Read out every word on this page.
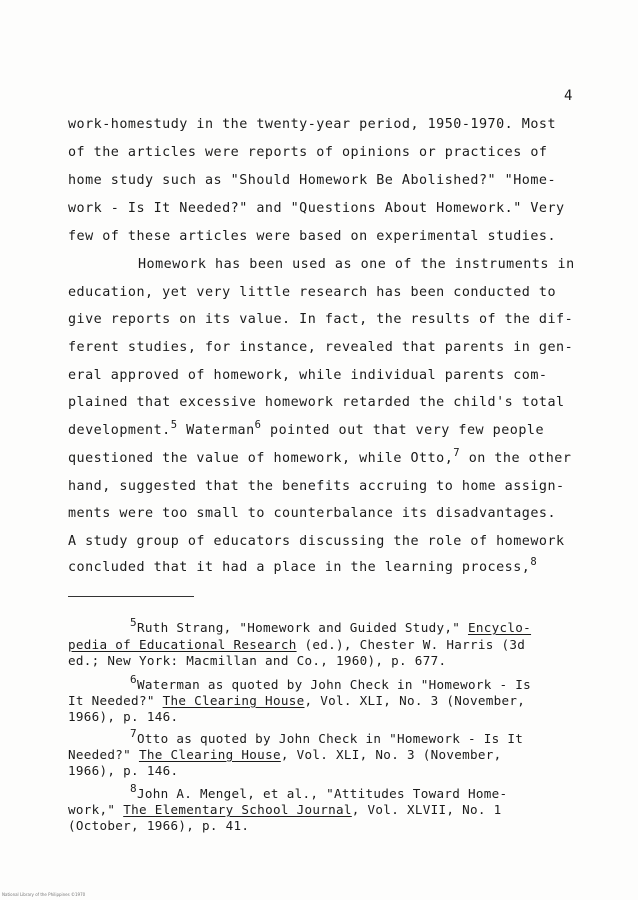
4
work-homestudy in the twenty-year period, 1950-1970. Most
of the articles were reports of opinions or practices of
home study such as "Should Homework Be Abolished?" "Home-
work - Is It Needed?" and "Questions About Homework." Very
few of these articles were based on experimental studies.
Homework has been used as one of the instruments in
education, yet very little research has been conducted to
give reports on its value. In fact, the results of the dif-
ferent studies, for instance, revealed that parents in gen-
eral approved of homework, while individual parents com-
plained that excessive homework retarded the child's total
development.$^5$ Waterman$^6$ pointed out that very few people
questioned the value of homework, while Otto,$^7$ on the other
hand, suggested that the benefits accruing to home assign-
ments were too small to counterbalance its disadvantages.
A study group of educators discussing the role of homework
concluded that it had a place in the learning process,$^8$
5Ruth Strang, "Homework and Guided Study," Encyclo-
pedia of Educational Research (ed.), Chester W. Harris (3d
ed.; New York: Macmillan and Co., 1960), p. 677.
6Waterman as quoted by John Check in "Homework - Is
It Needed?" The Clearing House, Vol. XLI, No. 3 (November,
1966), p. 146.
7Otto as quoted by John Check in "Homework - Is It
Needed?" The Clearing House, Vol. XLI, No. 3 (November,
1966), p. 146.
8John A. Mengel, et al., "Attitudes Toward Home-
work," The Elementary School Journal, Vol. XLVII, No. 1
(October, 1966), p. 41.
National Library of the Philippines ©1970
